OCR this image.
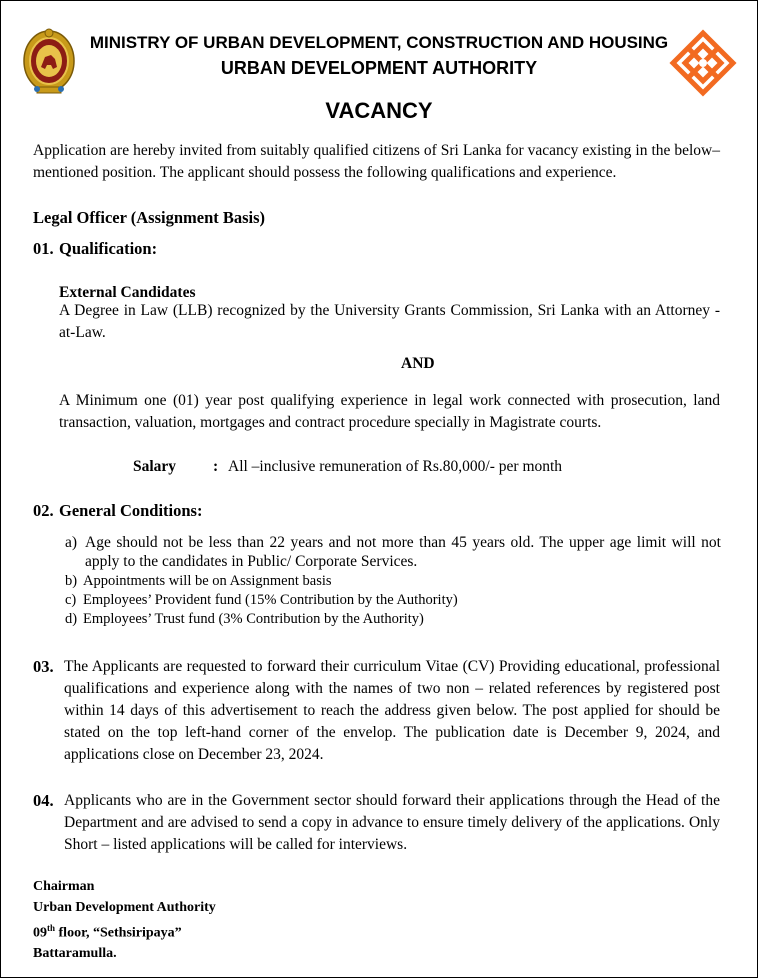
MINISTRY OF URBAN DEVELOPMENT, CONSTRUCTION AND HOUSING
URBAN DEVELOPMENT AUTHORITY
VACANCY
Application are hereby invited from suitably qualified citizens of Sri Lanka for vacancy existing in the below–mentioned position. The applicant should possess the following qualifications and experience.
Legal Officer (Assignment Basis)
01. Qualification:
External Candidates
A Degree in Law (LLB) recognized by the University Grants Commission, Sri Lanka with an Attorney -at-Law.
AND
A Minimum one (01) year post qualifying experience in legal work connected with prosecution, land transaction, valuation, mortgages and contract procedure specially in Magistrate courts.
Salary : All –inclusive remuneration of Rs.80,000/- per month
02. General Conditions:
a) Age should not be less than 22 years and not more than 45 years old. The upper age limit will not apply to the candidates in Public/ Corporate Services.
b) Appointments will be on Assignment basis
c) Employees’ Provident fund (15% Contribution by the Authority)
d) Employees’ Trust fund (3% Contribution by the Authority)
03. The Applicants are requested to forward their curriculum Vitae (CV) Providing educational, professional qualifications and experience along with the names of two non – related references by registered post within 14 days of this advertisement to reach the address given below. The post applied for should be stated on the top left-hand corner of the envelop. The publication date is December 9, 2024, and applications close on December 23, 2024.
04. Applicants who are in the Government sector should forward their applications through the Head of the Department and are advised to send a copy in advance to ensure timely delivery of the applications. Only Short – listed applications will be called for interviews.
Chairman
Urban Development Authority
09th floor, “Sethsiripaya”
Battaramulla.
